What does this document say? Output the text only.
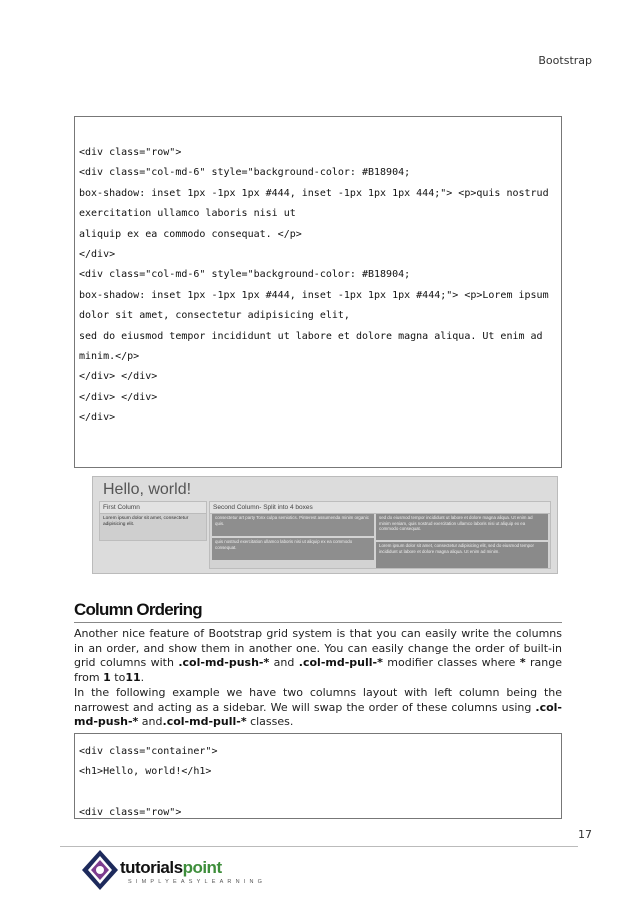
Bootstrap
<div class="row">
<div class="col-md-6" style="background-color: #B18904;
box-shadow: inset 1px -1px 1px #444, inset -1px 1px 1px 444;"> <p>quis nostrud
exercitation ullamco laboris nisi ut
aliquip ex ea commodo consequat. </p>
</div>
<div class="col-md-6" style="background-color: #B18904;
box-shadow: inset 1px -1px 1px #444, inset -1px 1px 1px #444;"> <p>Lorem ipsum
dolor sit amet, consectetur adipisicing elit,
sed do eiusmod tempor incididunt ut labore et dolore magna aliqua. Ut enim ad
minim.</p>
</div> </div>
</div> </div>
</div>
Hello, world!
First Column
Lorem ipsum dolor sit amet, consectetur adipisicing elit.
Second Column- Split into 4 boxes
consectetur art party Tonx culpa semiotics. Pinterest assumenda minim organic quis.
sed do eiusmod tempor incididunt ut labore et dolore magna aliqua. Ut enim ad minim veniam, quis nostrud exercitation ullamco laboris nisi ut aliquip ex ea commodo consequat.
quis nostrud exercitation ullamco laboris nisi ut aliquip ex ea commodo consequat.	Lorem ipsum dolor sit amet, consectetur adipisicing elit, sed do eiusmod tempor incididunt ut labore et dolore magna aliqua. Ut enim ad minim.
Column Ordering
Another nice feature of Bootstrap grid system is that you can easily write the columns in an order, and show them in another one. You can easily change the order of built-in grid columns with .col-md-push-* and .col-md-pull-* modifier classes where * range from 1 to11.
In the following example we have two columns layout with left column being the narrowest and acting as a sidebar. We will swap the order of these columns using .col-md-push-* and.col-md-pull-* classes.
<div class="container">
<h1>Hello, world!</h1>
<div class="row">
17
tutorialspoint
SIMPLYEASYLEARNING
